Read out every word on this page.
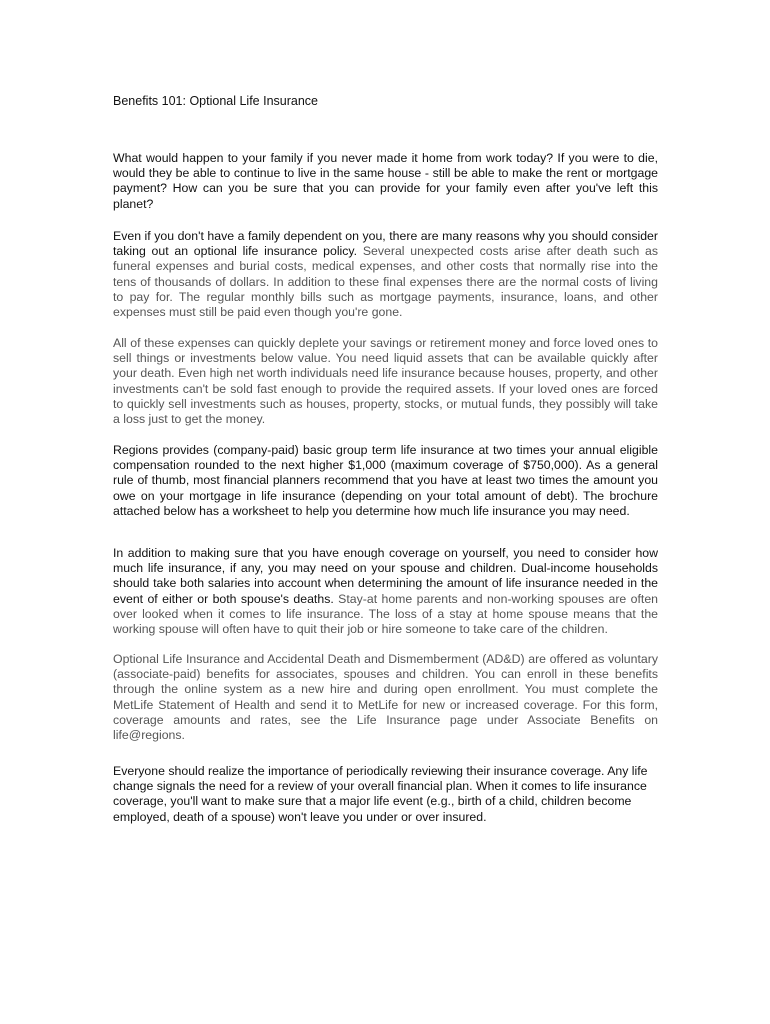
Benefits 101: Optional Life Insurance

What would happen to your family if you never made it home from work today? If you were to die, would they be able to continue to live in the same house - still be able to make the rent or mortgage payment? How can you be sure that you can provide for your family even after you've left this planet?

Even if you don't have a family dependent on you, there are many reasons why you should consider taking out an optional life insurance policy. Several unexpected costs arise after death such as funeral expenses and burial costs, medical expenses, and other costs that normally rise into the tens of thousands of dollars. In addition to these final expenses there are the normal costs of living to pay for. The regular monthly bills such as mortgage payments, insurance, loans, and other expenses must still be paid even though you're gone.

All of these expenses can quickly deplete your savings or retirement money and force loved ones to sell things or investments below value. You need liquid assets that can be available quickly after your death. Even high net worth individuals need life insurance because houses, property, and other investments can't be sold fast enough to provide the required assets. If your loved ones are forced to quickly sell investments such as houses, property, stocks, or mutual funds, they possibly will take a loss just to get the money.

Regions provides (company-paid) basic group term life insurance at two times your annual eligible compensation rounded to the next higher $1,000 (maximum coverage of $750,000). As a general rule of thumb, most financial planners recommend that you have at least two times the amount you owe on your mortgage in life insurance (depending on your total amount of debt). The brochure attached below has a worksheet to help you determine how much life insurance you may need.

In addition to making sure that you have enough coverage on yourself, you need to consider how much life insurance, if any, you may need on your spouse and children. Dual-income households should take both salaries into account when determining the amount of life insurance needed in the event of either or both spouse's deaths. Stay-at home parents and non-working spouses are often over looked when it comes to life insurance. The loss of a stay at home spouse means that the working spouse will often have to quit their job or hire someone to take care of the children.

Optional Life Insurance and Accidental Death and Dismemberment (AD&D) are offered as voluntary (associate-paid) benefits for associates, spouses and children. You can enroll in these benefits through the online system as a new hire and during open enrollment. You must complete the MetLife Statement of Health and send it to MetLife for new or increased coverage. For this form, coverage amounts and rates, see the Life Insurance page under Associate Benefits on life@regions.

Everyone should realize the importance of periodically reviewing their insurance coverage. Any life change signals the need for a review of your overall financial plan. When it comes to life insurance coverage, you'll want to make sure that a major life event (e.g., birth of a child, children become employed, death of a spouse) won't leave you under or over insured.
